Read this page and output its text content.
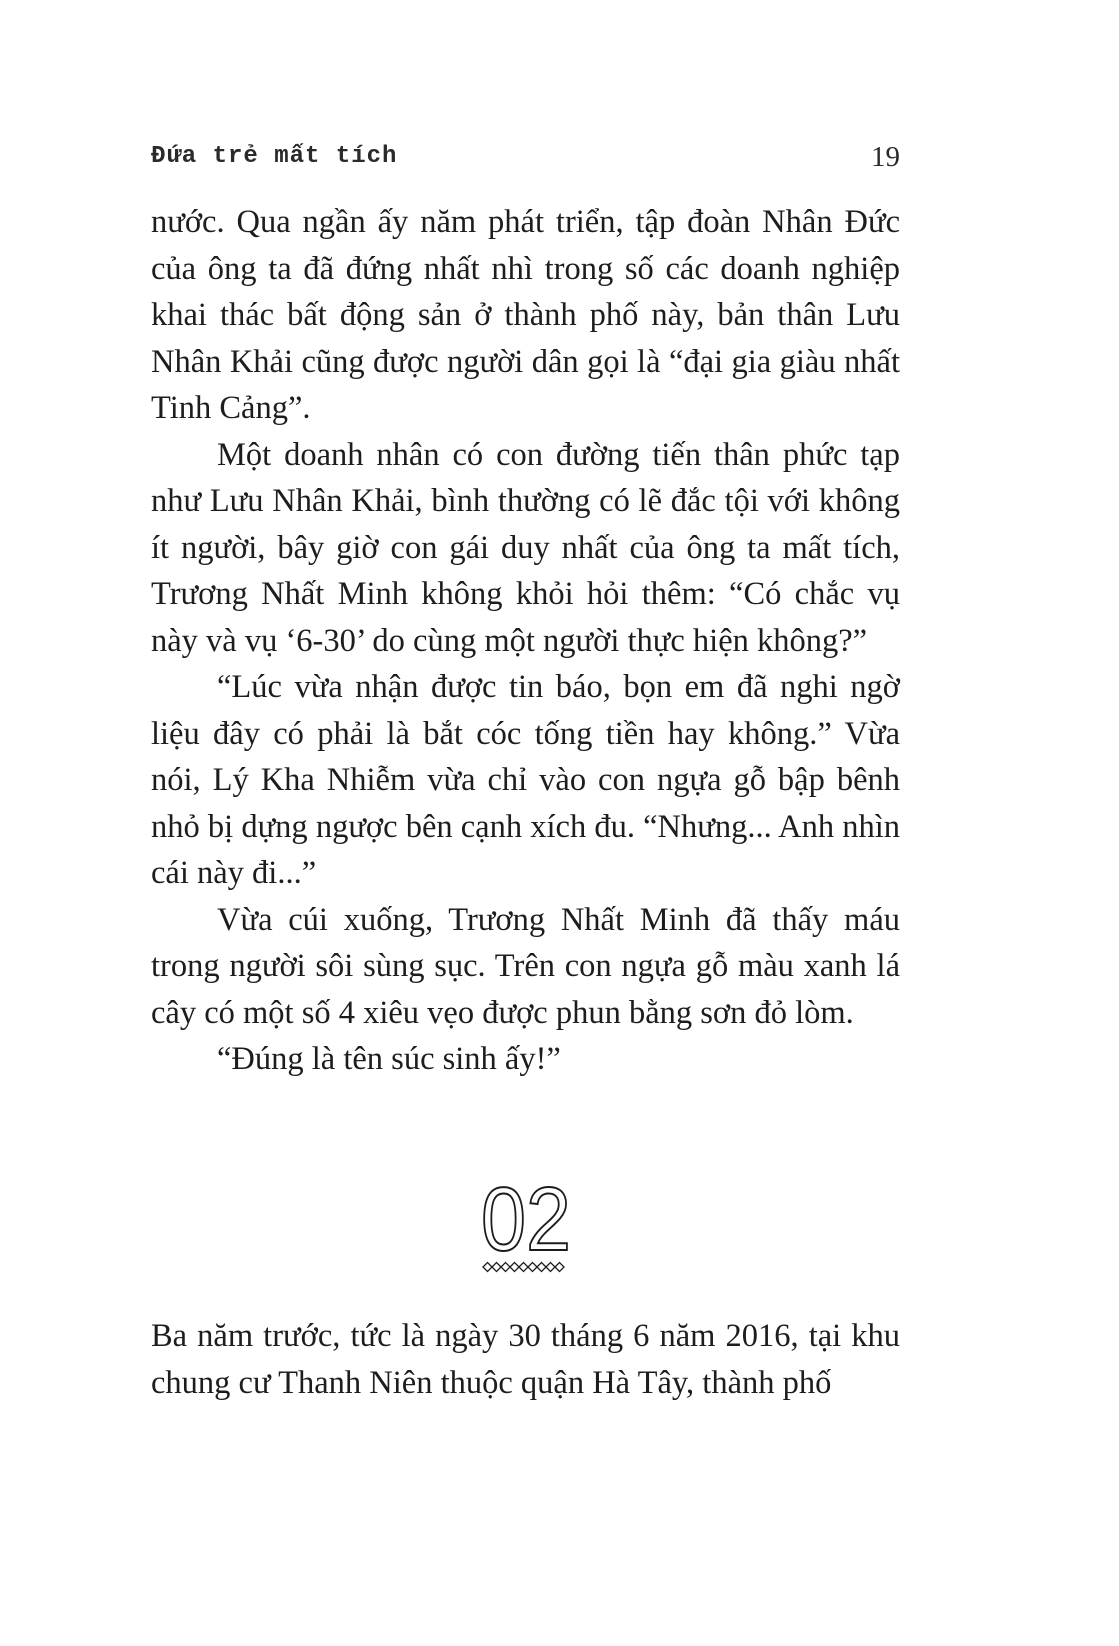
Đứa trẻ mất tích	19

nước. Qua ngần ấy năm phát triển, tập đoàn Nhân Đức của ông ta đã đứng nhất nhì trong số các doanh nghiệp khai thác bất động sản ở thành phố này, bản thân Lưu Nhân Khải cũng được người dân gọi là “đại gia giàu nhất Tinh Cảng”.

Một doanh nhân có con đường tiến thân phức tạp như Lưu Nhân Khải, bình thường có lẽ đắc tội với không ít người, bây giờ con gái duy nhất của ông ta mất tích, Trương Nhất Minh không khỏi hỏi thêm: “Có chắc vụ này và vụ ‘6-30’ do cùng một người thực hiện không?”

“Lúc vừa nhận được tin báo, bọn em đã nghi ngờ liệu đây có phải là bắt cóc tống tiền hay không.” Vừa nói, Lý Kha Nhiễm vừa chỉ vào con ngựa gỗ bập bênh nhỏ bị dựng ngược bên cạnh xích đu. “Nhưng... Anh nhìn cái này đi...”

Vừa cúi xuống, Trương Nhất Minh đã thấy máu trong người sôi sùng sục. Trên con ngựa gỗ màu xanh lá cây có một số 4 xiêu vẹo được phun bằng sơn đỏ lòm.

“Đúng là tên súc sinh ấy!”

02

Ba năm trước, tức là ngày 30 tháng 6 năm 2016, tại khu chung cư Thanh Niên thuộc quận Hà Tây, thành phố
